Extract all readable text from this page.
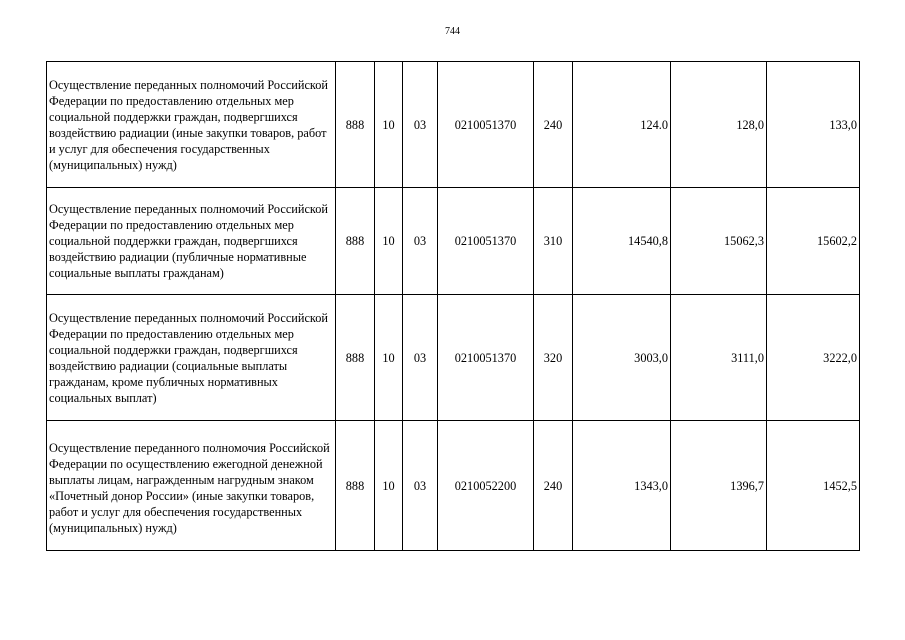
744
Осуществление переданных полномочий Российской Федерации по предоставлению отдельных мер социальной поддержки граждан, подвергшихся воздействию радиации (иные закупки товаров, работ и услуг для обеспечения государственных (муниципальных) нужд)	888	10	03	0210051370	240	124.0	128,0	133,0
Осуществление переданных полномочий Российской Федерации по предоставлению отдельных мер социальной поддержки граждан, подвергшихся воздействию радиации (публичные нормативные социальные выплаты гражданам)	888	10	03	0210051370	310	14540,8	15062,3	15602,2
Осуществление переданных полномочий Российской Федерации по предоставлению отдельных мер социальной поддержки граждан, подвергшихся воздействию радиации (социальные выплаты гражданам, кроме публичных нормативных социальных выплат)	888	10	03	0210051370	320	3003,0	3111,0	3222,0
Осуществление переданного полномочия Российской Федерации по осуществлению ежегодной денежной выплаты лицам, награжденным нагрудным знаком «Почетный донор России» (иные закупки товаров, работ и услуг для обеспечения государственных (муниципальных) нужд)	888	10	03	0210052200	240	1343,0	1396,7	1452,5
